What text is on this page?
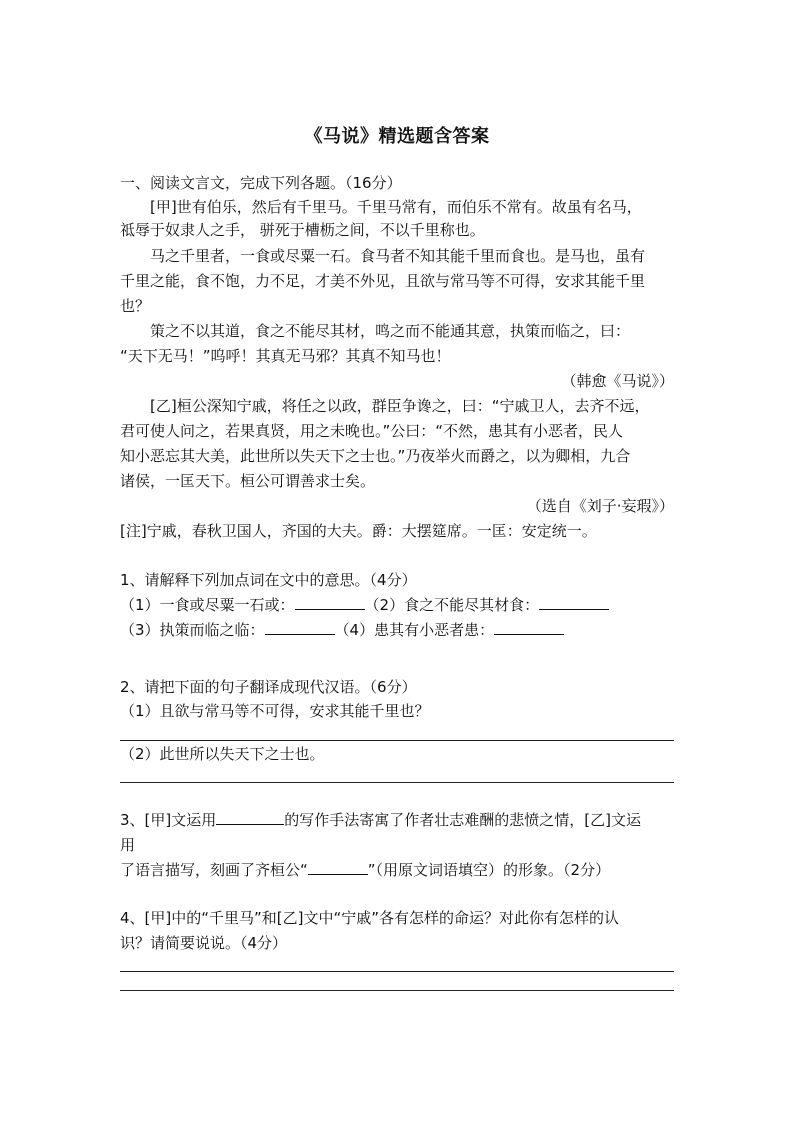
《马说》精选题含答案
一、阅读文言文，完成下列各题。（16分）
[甲]世有伯乐，然后有千里马。千里马常有，而伯乐不常有。故虽有名马，
祗辱于奴隶人之手， 骈死于槽枥之间，不以千里称也。
马之千里者，一食或尽粟一石。食马者不知其能千里而食也。是马也，虽有
千里之能，食不饱，力不足，才美不外见，且欲与常马等不可得，安求其能千里
也？
策之不以其道，食之不能尽其材，鸣之而不能通其意，执策而临之，曰：
“天下无马！”呜呼！其真无马邪？其真不知马也！
（韩愈《马说》）
[乙]桓公深知宁戚，将任之以政，群臣争谗之，曰：“宁戚卫人，去齐不远，
君可使人问之，若果真贤，用之未晚也。”公曰：“不然，患其有小恶者，民人
知小恶忘其大美，此世所以失天下之士也。”乃夜举火而爵之，以为卿相，九合
诸侯，一匡天下。桓公可谓善求士矣。
（选自《刘子·妄瑕》）
[注]宁戚，春秋卫国人，齐国的大夫。爵：大摆筵席。一匡：安定统一。
1、请解释下列加点词在文中的意思。（4分）
（1）一食或尽粟一石或：	（2）食之不能尽其材食：
（3）执策而临之临：	（4）患其有小恶者患：
2、请把下面的句子翻译成现代汉语。（6分）
（1）且欲与常马等不可得，安求其能千里也？
（2）此世所以失天下之士也。
3、[甲]文运用	的写作手法寄寓了作者壮志难酬的悲愤之情，[乙]文运
用
了语言描写，刻画了齐桓公“	”（用原文词语填空）的形象。（2分）
4、[甲]中的“千里马”和[乙]文中“宁戚”各有怎样的命运？对此你有怎样的认
识？请简要说说。（4分）
